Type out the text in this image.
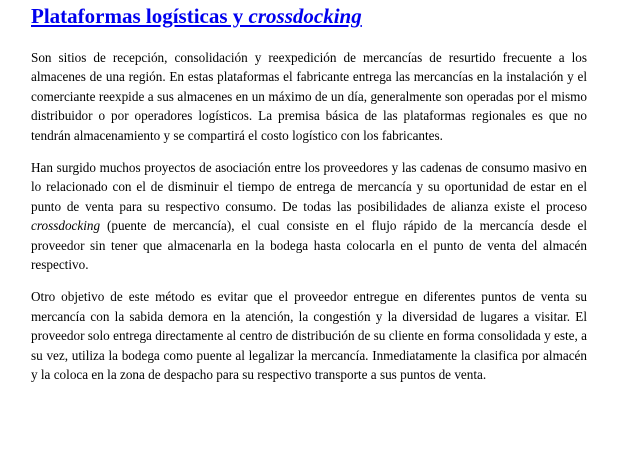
Plataformas logísticas y crossdocking

Son sitios de recepción, consolidación y reexpedición de mercancías de resurtido frecuente a los almacenes de una región. En estas plataformas el fabricante entrega las mercancías en la instalación y el comerciante reexpide a sus almacenes en un máximo de un día, generalmente son operadas por el mismo distribuidor o por operadores logísticos. La premisa básica de las plataformas regionales es que no tendrán almacenamiento y se compartirá el costo logístico con los fabricantes.

Han surgido muchos proyectos de asociación entre los proveedores y las cadenas de consumo masivo en lo relacionado con el de disminuir el tiempo de entrega de mercancía y su oportunidad de estar en el punto de venta para su respectivo consumo. De todas las posibilidades de alianza existe el proceso crossdocking (puente de mercancía), el cual consiste en el flujo rápido de la mercancía desde el proveedor sin tener que almacenarla en la bodega hasta colocarla en el punto de venta del almacén respectivo.

Otro objetivo de este método es evitar que el proveedor entregue en diferentes puntos de venta su mercancía con la sabida demora en la atención, la congestión y la diversidad de lugares a visitar. El proveedor solo entrega directamente al centro de distribución de su cliente en forma consolidada y este, a su vez, utiliza la bodega como puente al legalizar la mercancía. Inmediatamente la clasifica por almacén y la coloca en la zona de despacho para su respectivo transporte a sus puntos de venta.
